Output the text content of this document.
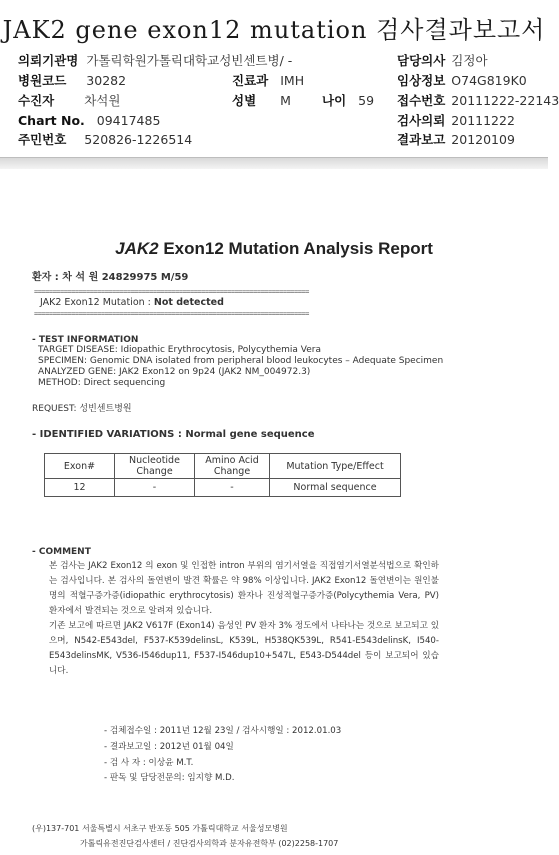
JAK2 gene exon12 mutation 검사결과보고서
의뢰기관명 가톨릭학원가톨릭대학교성빈센트병/ -
병원코드 30282
수진자 차석원
Chart No. 09417485
주민번호 520826-1226514
진료과 IMH
성별 M 나이 59
담당의사 김정아
임상정보 O74G819K0
접수번호 20111222-22143
검사의뢰 20111222
결과보고 20120109
JAK2 Exon12 Mutation Analysis Report
환자 : 차 석 원 24829975 M/59
==========================================================================
JAK2 Exon12 Mutation : Not detected
==========================================================================
- TEST INFORMATION
TARGET DISEASE: Idiopathic Erythrocytosis, Polycythemia Vera
SPECIMEN: Genomic DNA isolated from peripheral blood leukocytes – Adequate Specimen
ANALYZED GENE: JAK2 Exon12 on 9p24 (JAK2 NM_004972.3)
METHOD: Direct sequencing
REQUEST: 성빈센트병원
- IDENTIFIED VARIATIONS : Normal gene sequence
Exon#	Nucleotide Change	Amino Acid Change	Mutation Type/Effect
12	-	-	Normal sequence
- COMMENT

본 검사는 JAK2 Exon12 의 exon 및 인접한 intron 부위의 염기서열을 직접염기서열분석법으로 확인하는 검사입니다. 본 검사의 돌연변이 발견 확률은 약 98% 이상입니다. JAK2 Exon12 돌연변이는 원인불명의 적혈구증가증(idiopathic erythrocytosis) 환자나 진성적혈구증가증(Polycythemia Vera, PV) 환자에서 발견되는 것으로 알려져 있습니다.

기존 보고에 따르면 JAK2 V617F (Exon14) 음성인 PV 환자 3% 정도에서 나타나는 것으로 보고되고 있으며, N542-E543del, F537-K539delinsL, K539L, H538QK539L, R541-E543delinsK, I540-E543delinsMK, V536-I546dup11, F537-I546dup10+547L, E543-D544del 등이 보고되어 있습니다.

- 검체접수일 : 2011년 12월 23일 / 검사시행일 : 2012.01.03
- 결과보고일 : 2012년 01월 04일
- 검 사 자 : 이상윤 M.T.
- 판독 및 담당전문의: 임지향 M.D.
(우)137-701 서울특별시 서초구 반포동 505 가톨릭대학교 서울성모병원
가톨릭유전진단검사센터 / 진단검사의학과 분자유전학부 (02)2258-1707
